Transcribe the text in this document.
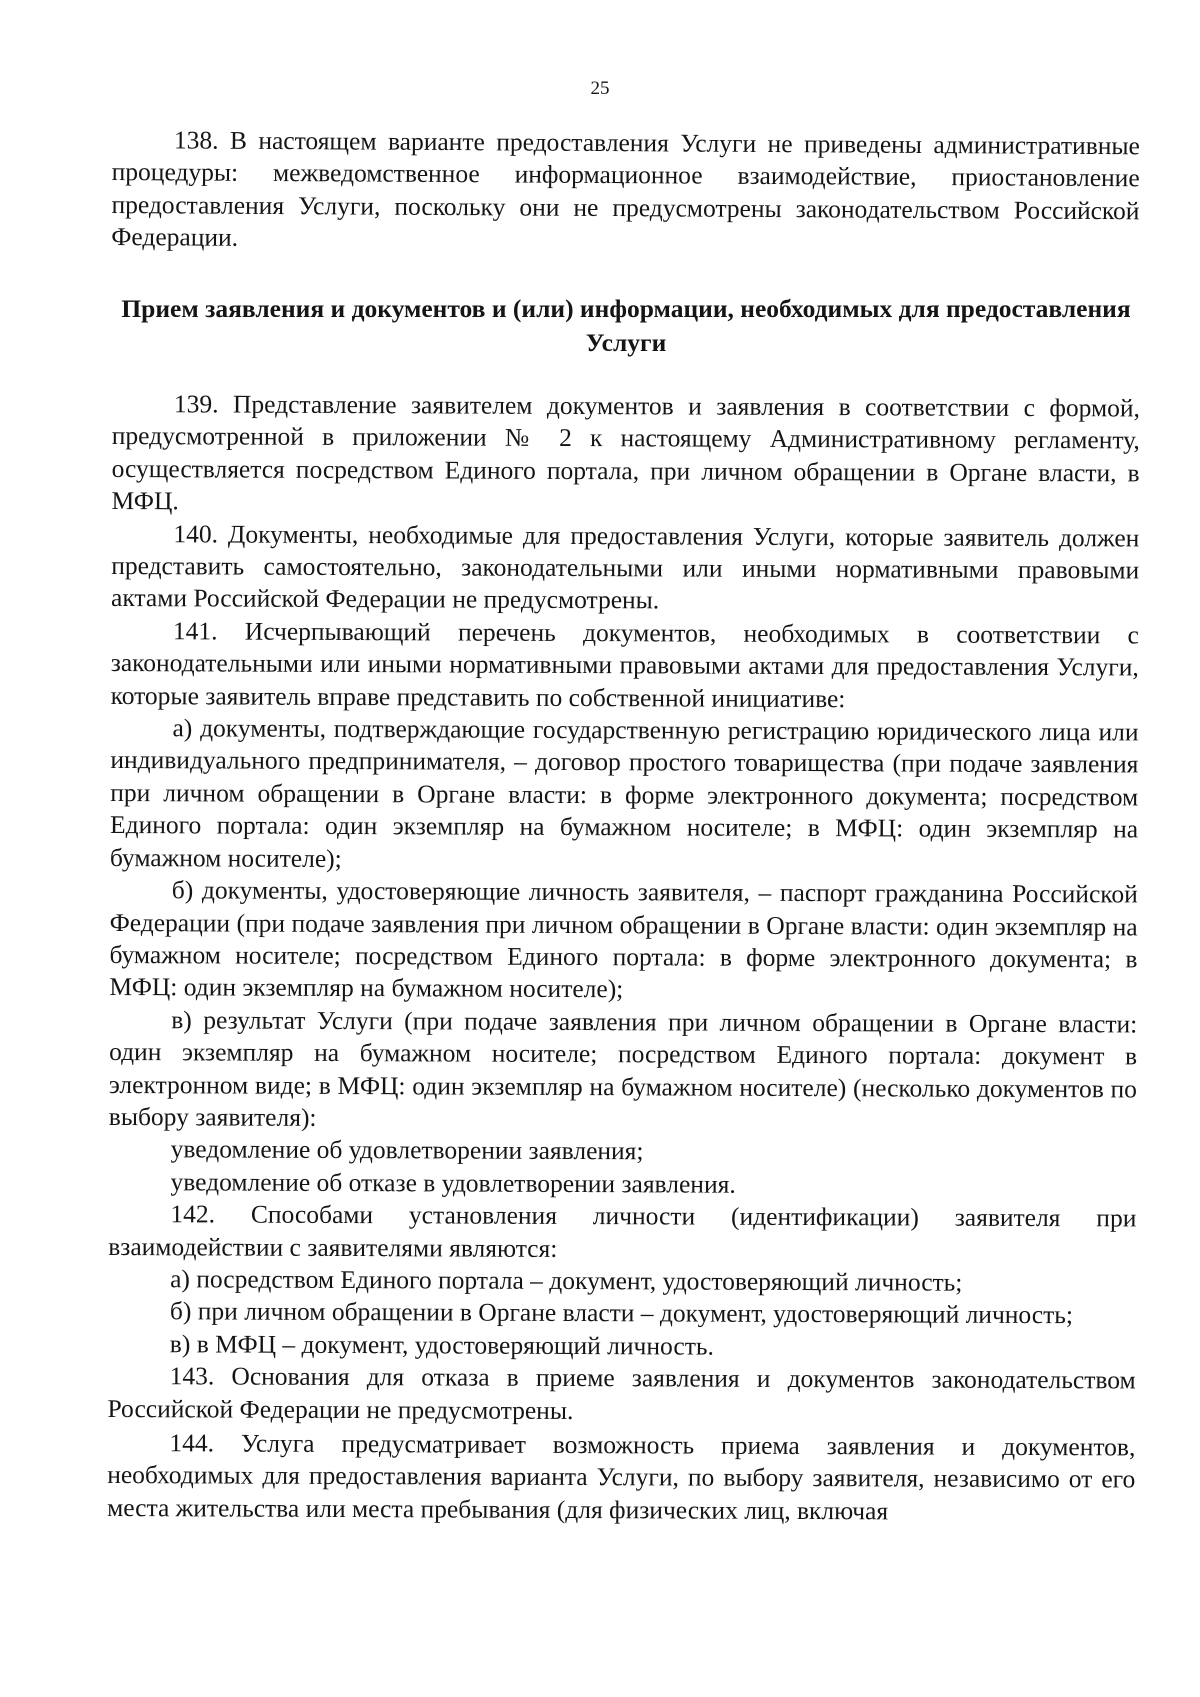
25

138. В настоящем варианте предоставления Услуги не приведены административные процедуры: межведомственное информационное взаимодействие, приостановление предоставления Услуги, поскольку они не предусмотрены законодательством Российской Федерации.

Прием заявления и документов и (или) информации, необходимых для предоставления Услуги

139. Представление заявителем документов и заявления в соответствии с формой, предусмотренной в приложении № 2 к настоящему Административному регламенту, осуществляется посредством Единого портала, при личном обращении в Органе власти, в МФЦ.

140. Документы, необходимые для предоставления Услуги, которые заявитель должен представить самостоятельно, законодательными или иными нормативными правовыми актами Российской Федерации не предусмотрены.

141. Исчерпывающий перечень документов, необходимых в соответствии с законодательными или иными нормативными правовыми актами для предоставления Услуги, которые заявитель вправе представить по собственной инициативе:

а) документы, подтверждающие государственную регистрацию юридического лица или индивидуального предпринимателя, – договор простого товарищества (при подаче заявления при личном обращении в Органе власти: в форме электронного документа; посредством Единого портала: один экземпляр на бумажном носителе; в МФЦ: один экземпляр на бумажном носителе);

б) документы, удостоверяющие личность заявителя, – паспорт гражданина Российской Федерации (при подаче заявления при личном обращении в Органе власти: один экземпляр на бумажном носителе; посредством Единого портала: в форме электронного документа; в МФЦ: один экземпляр на бумажном носителе);

в) результат Услуги (при подаче заявления при личном обращении в Органе власти: один экземпляр на бумажном носителе; посредством Единого портала: документ в электронном виде; в МФЦ: один экземпляр на бумажном носителе) (несколько документов по выбору заявителя):

уведомление об удовлетворении заявления;

уведомление об отказе в удовлетворении заявления.

142. Способами установления личности (идентификации) заявителя при взаимодействии с заявителями являются:

а) посредством Единого портала – документ, удостоверяющий личность;

б) при личном обращении в Органе власти – документ, удостоверяющий личность;

в) в МФЦ – документ, удостоверяющий личность.

143. Основания для отказа в приеме заявления и документов законодательством Российской Федерации не предусмотрены.

144. Услуга предусматривает возможность приема заявления и документов, необходимых для предоставления варианта Услуги, по выбору заявителя, независимо от его места жительства или места пребывания (для физических лиц, включая
